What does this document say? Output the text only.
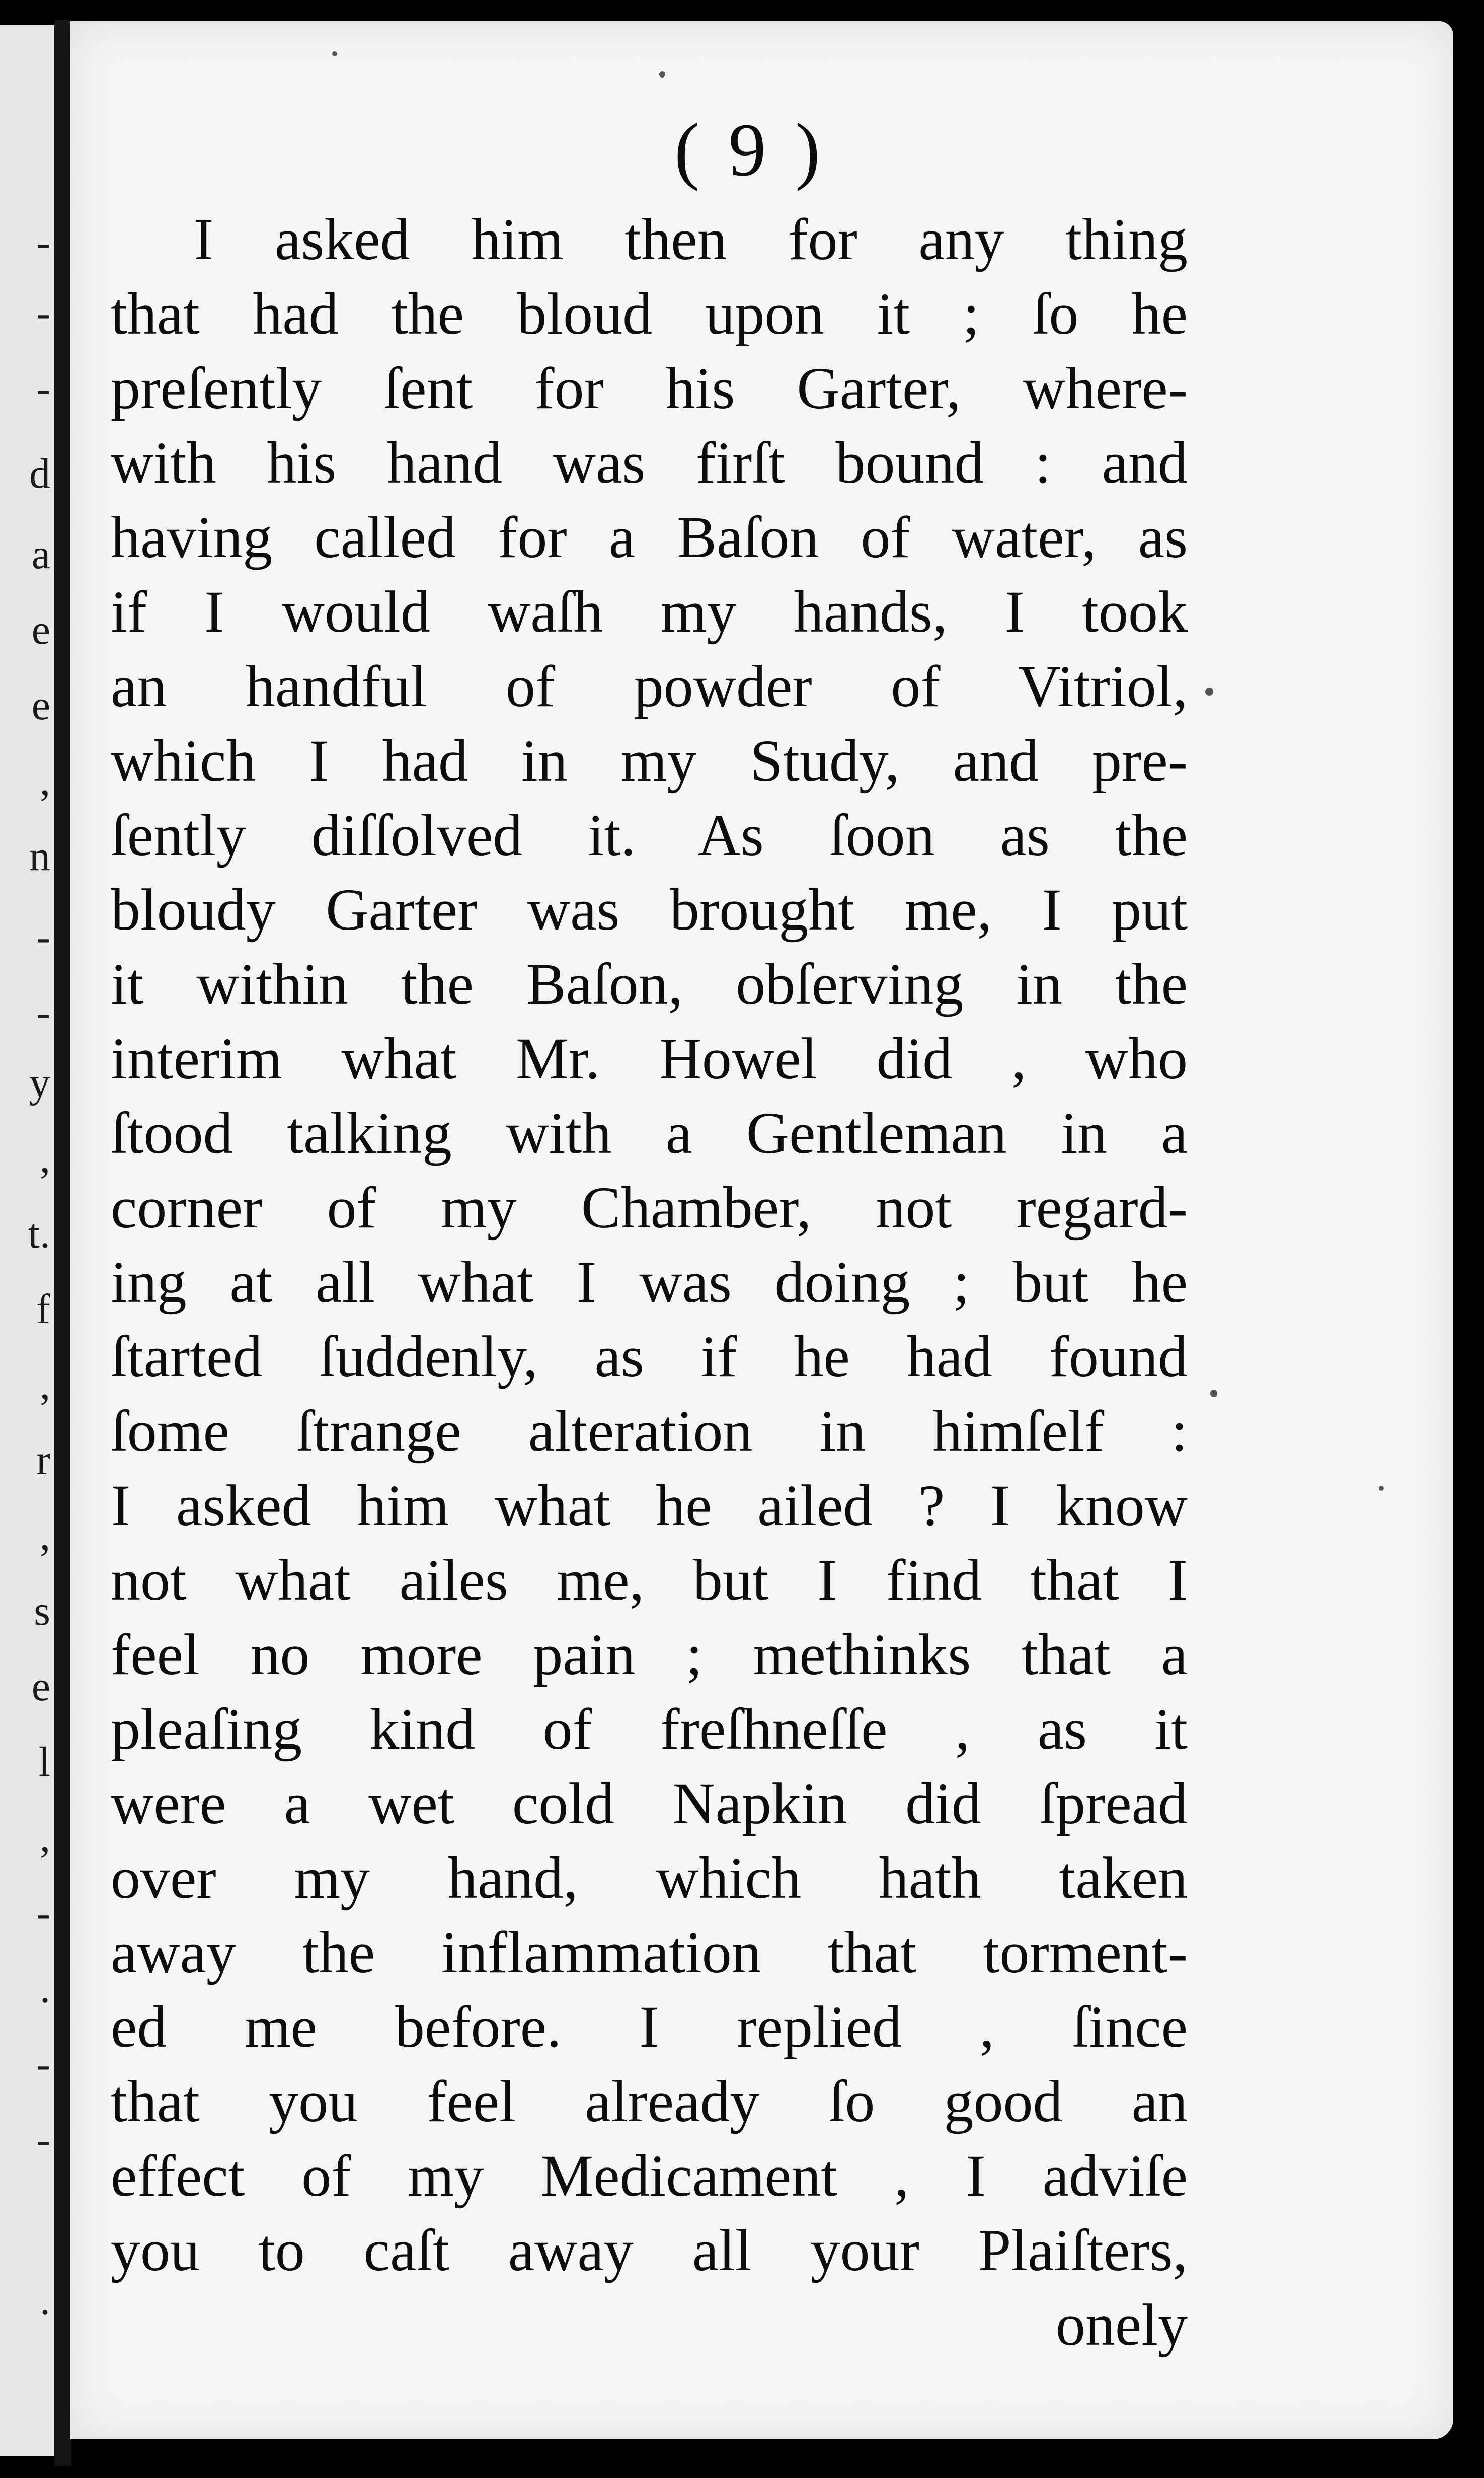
-
-
-
d
a
e
e
,
n
-
-
y
,
t.
f
,
r
,
s
e
l
,
-
.
-
-
.
( 9 )
I asked him then for any thing
that had the bloud upon it ; ſo he
preſently ſent for his Garter, where-
with his hand was firſt bound : and
having called for a Baſon of water, as
if I would waſh my hands, I took
an handful of powder of Vitriol,
which I had in my Study, and pre-
ſently diſſolved it. As ſoon as the
bloudy Garter was brought me, I put
it within the Baſon, obſerving in the
interim what Mr. Howel did , who
ſtood talking with a Gentleman in a
corner of my Chamber, not regard-
ing at all what I was doing ; but he
ſtarted ſuddenly, as if he had found
ſome ſtrange alteration in himſelf :
I asked him what he ailed ? I know
not what ailes me, but I find that I
feel no more pain ; methinks that a
pleaſing kind of freſhneſſe , as it
were a wet cold Napkin did ſpread
over my hand, which hath taken
away the inflammation that torment-
ed me before. I replied , ſince
that you feel already ſo good an
effect of my Medicament , I adviſe
you to caſt away all your Plaiſters,
onely
